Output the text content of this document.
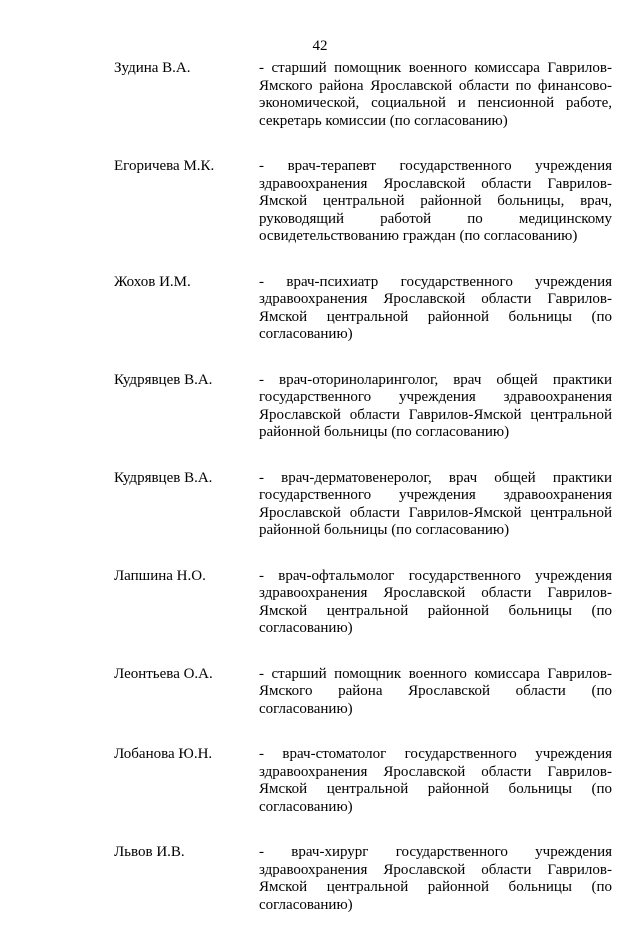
42
Зудина В.А.	- старший помощник военного комиссара Гаврилов-Ямского района Ярославской области по финансово-экономической, социальной и пенсионной работе, секретарь комиссии (по согласованию)
Егоричева М.К.	- врач-терапевт государственного учреждения здравоохранения Ярославской области Гаврилов-Ямской центральной районной больницы, врач, руководящий работой по медицинскому освидетельствованию граждан (по согласованию)
Жохов И.М.	- врач-психиатр государственного учреждения здравоохранения Ярославской области Гаврилов-Ямской центральной районной больницы (по согласованию)
Кудрявцев В.А.	- врач-оториноларинголог, врач общей практики государственного учреждения здравоохранения Ярославской области Гаврилов-Ямской центральной районной больницы (по согласованию)
Кудрявцев В.А.	- врач-дерматовенеролог, врач общей практики государственного учреждения здравоохранения Ярославской области Гаврилов-Ямской центральной районной больницы (по согласованию)
Лапшина Н.О.	- врач-офтальмолог государственного учреждения здравоохранения Ярославской области Гаврилов-Ямской центральной районной больницы (по согласованию)
Леонтьева О.А.	- старший помощник военного комиссара Гаврилов-Ямского района Ярославской области (по согласованию)
Лобанова Ю.Н.	- врач-стоматолог государственного учреждения здравоохранения Ярославской области Гаврилов-Ямской центральной районной больницы (по согласованию)
Львов И.В.	- врач-хирург государственного учреждения здравоохранения Ярославской области Гаврилов-Ямской центральной районной больницы (по согласованию)
